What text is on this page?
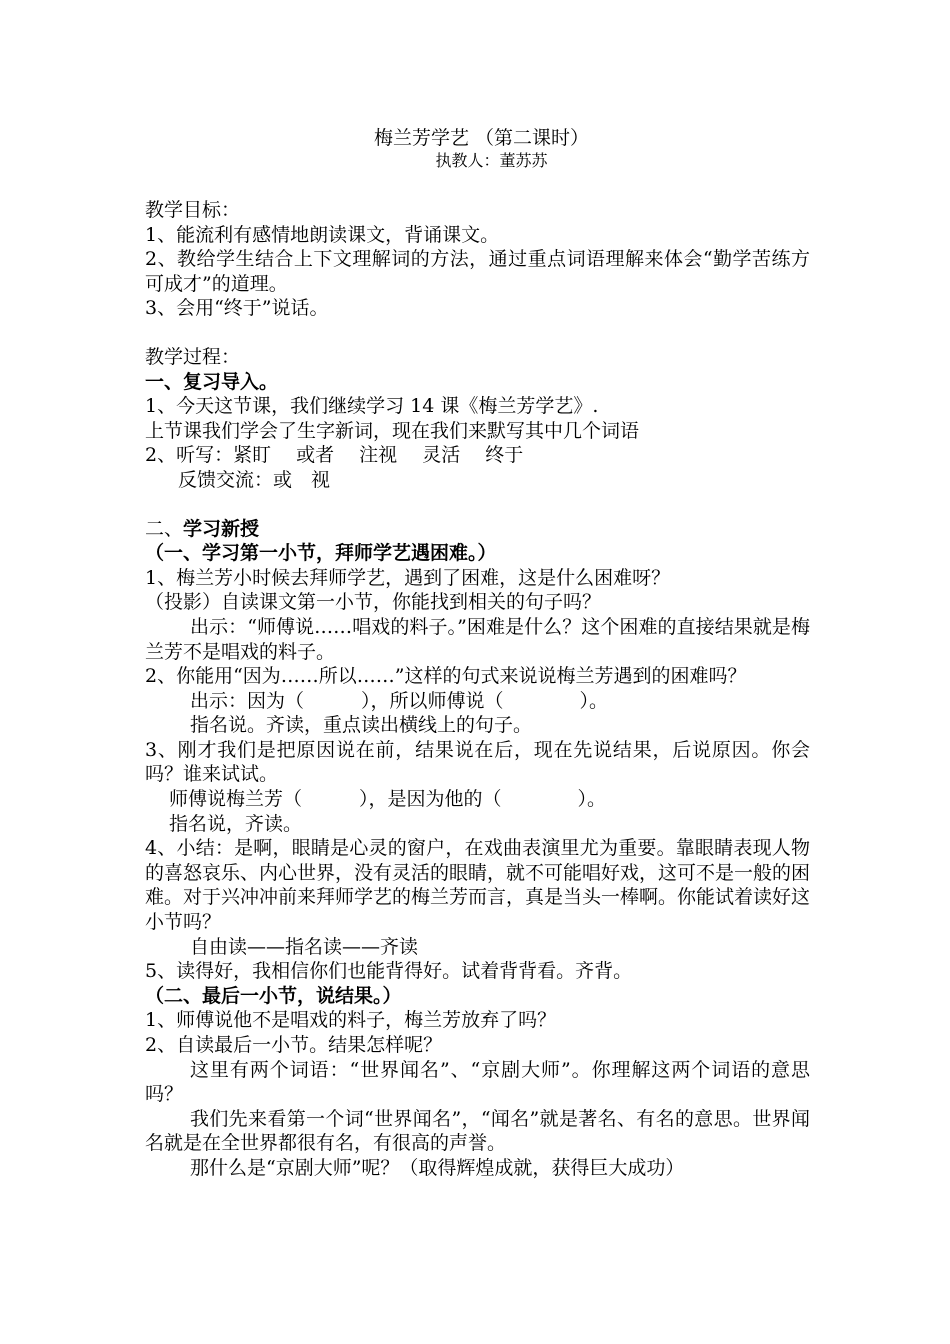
梅兰芳学艺 （第二课时）

执教人：董苏苏

教学目标：

1、能流利有感情地朗读课文，背诵课文。

2、教给学生结合上下文理解词的方法，通过重点词语理解来体会“勤学苦练方可成才”的道理。

3、会用“终于”说话。

教学过程：

一、复习导入。

1、今天这节课，我们继续学习 14 课《梅兰芳学艺》.

上节课我们学会了生字新词，现在我们来默写其中几个词语

2、听写：紧盯　 或者　 注视　 灵活　 终于

反馈交流：或　视

二、学习新授

（一、学习第一小节，拜师学艺遇困难。）

1、梅兰芳小时候去拜师学艺，遇到了困难，这是什么困难呀？

（投影）自读课文第一小节，你能找到相关的句子吗？

出示：“师傅说……唱戏的料子。”困难是什么？这个困难的直接结果就是梅兰芳不是唱戏的料子。

2、你能用“因为……所以……”这样的句式来说说梅兰芳遇到的困难吗？

出示：因为（　　　），所以师傅说（　　　　）。

指名说。齐读，重点读出横线上的句子。

3、刚才我们是把原因说在前，结果说在后，现在先说结果，后说原因。你会吗？谁来试试。

师傅说梅兰芳（　　　），是因为他的（　　　　）。

指名说，齐读。

4、小结：是啊，眼睛是心灵的窗户，在戏曲表演里尤为重要。靠眼睛表现人物的喜怒哀乐、内心世界，没有灵活的眼睛，就不可能唱好戏，这可不是一般的困难。对于兴冲冲前来拜师学艺的梅兰芳而言，真是当头一棒啊。你能试着读好这小节吗？

自由读——指名读——齐读

5、读得好，我相信你们也能背得好。试着背背看。齐背。

（二、最后一小节，说结果。）

1、师傅说他不是唱戏的料子，梅兰芳放弃了吗？

2、自读最后一小节。结果怎样呢？

这里有两个词语：“世界闻名”、“京剧大师”。你理解这两个词语的意思吗？

我们先来看第一个词“世界闻名”，“闻名”就是著名、有名的意思。世界闻名就是在全世界都很有名，有很高的声誉。

那什么是“京剧大师”呢？（取得辉煌成就，获得巨大成功）
